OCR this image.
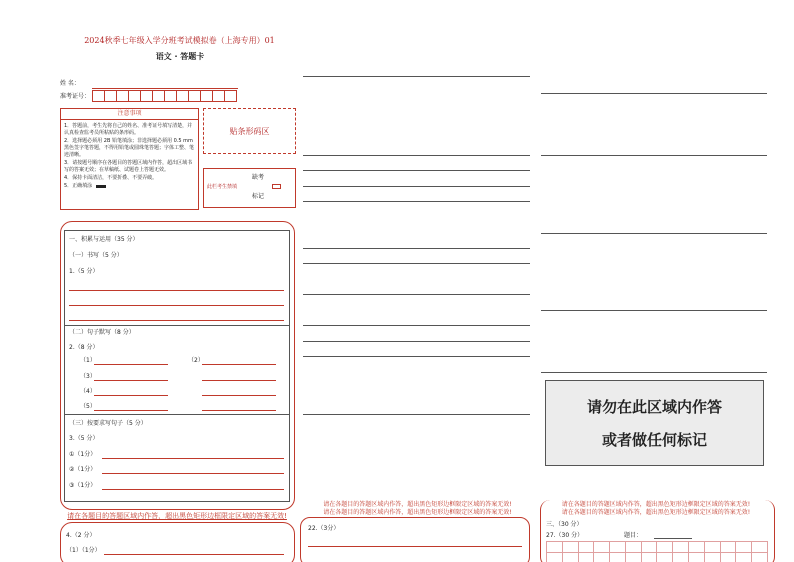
2024秋季七年级入学分班考试模拟卷（上海专用）01
语文 · 答题卡
姓 名：
准考证号：
注意事项
1．答题前，考生先将自己的姓名、准考证号填写清楚，并认真检查监考员所粘贴的条形码。
2．选择题必须用 2B 铅笔填涂；非选择题必须用 0.5 mm 黑色签字笔答题，不得用铅笔或圆珠笔答题；字体工整、笔迹清晰。
3．请按题号顺序在各题目的答题区域内作答，超出区域书写的答案无效；在草稿纸、试题卷上答题无效。
4．保持卡面清洁，不要折叠、不要弄破。
5．正确填涂
贴条形码区
缺考
此栏考生禁填
标记
一、积累与运用（35 分）
（一）书写（5 分）
1.（5 分）
（二）句子默写（8 分）
2.（8 分）
（1）	（2）
（3）
（4）
（5）
（三）按要求写句子（5 分）
3.（5 分）
①（1分）
②（1分）
③（1分）
请在各题目的答题区域内作答，超出黑色矩形边框限定区域的答案无效!
4.（2 分）
（1）（1分）
请在各题目的答题区域内作答，超出黑色矩形边框限定区域的答案无效!
请在各题目的答题区域内作答，超出黑色矩形边框限定区域的答案无效!
22.（3分）
请勿在此区域内作答
或者做任何标记
请在各题目的答题区域内作答，超出黑色矩形边框限定区域的答案无效!
请在各题目的答题区域内作答，超出黑色矩形边框限定区域的答案无效!
三、（30 分）
27.（30 分）	题目：
